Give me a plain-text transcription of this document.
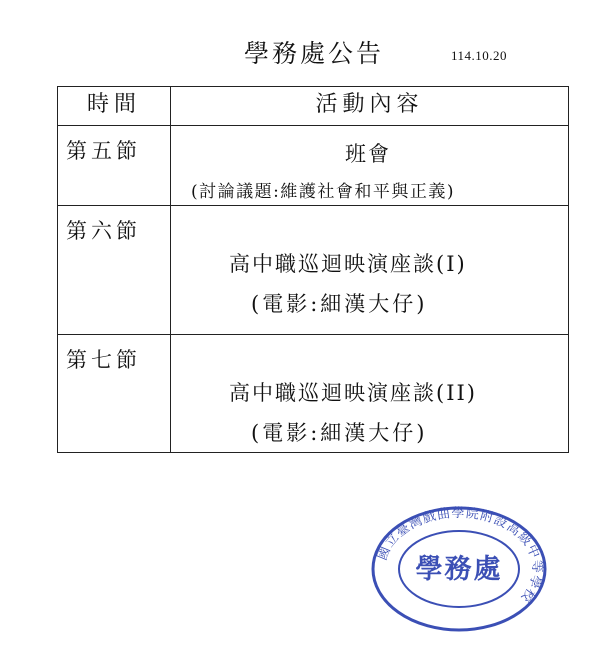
學務處公告	114.10.20
時間	活動內容
第五節	班會
(討論議題:維護社會和平與正義)

第六節	高中職巡迴映演座談(I)
(電影:細漢大仔)

第七節	高中職巡迴映演座談(II)
(電影:細漢大仔)
國立臺灣戲曲學院附設高級中等學校
學務處
